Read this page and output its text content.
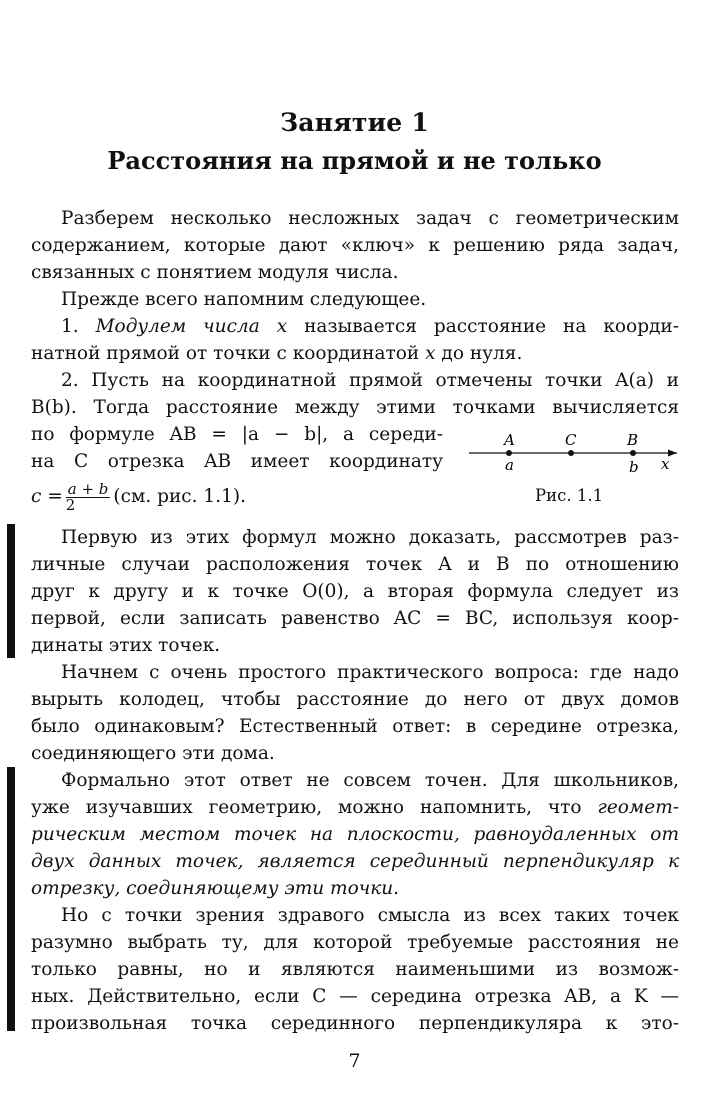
Занятие 1
Расстояния на прямой и не только
Разберем несколько несложных задач с геометрическим
содержанием, которые дают «ключ» к решению ряда задач,
связанных с понятием модуля числа.
Прежде всего напомним следующее.
1. Модулем числа x называется расстояние на коорди-
натной прямой от точки с координатой x до нуля.
2. Пусть на координатной прямой отмечены точки A(a) и
B(b). Тогда расстояние между этими точками вычисляется
по формуле AB = |a − b|, а середи-
на C отрезка AB имеет координату
$c = \frac{a + b}{2} (см$. рис. 1.1).
A	C	B
a	b x
Рис. 1.1
Первую из этих формул можно доказать, рассмотрев раз-
личные случаи расположения точек A и B по отношению
друг к другу и к точке O(0), а вторая формула следует из
первой, если записать равенство AC = BC, используя коор-
динаты этих точек.
Начнем с очень простого практического вопроса: где надо
вырыть колодец, чтобы расстояние до него от двух домов
было одинаковым? Естественный ответ: в середине отрезка,
соединяющего эти дома.
Формально этот ответ не совсем точен. Для школьников,
уже изучавших геометрию, можно напомнить, что геомет-
рическим местом точек на плоскости, равноудаленных от
двух данных точек, является серединный перпендикуляр к
отрезку, соединяющему эти точки.
Но с точки зрения здравого смысла из всех таких точек
разумно выбрать ту, для которой требуемые расстояния не
только равны, но и являются наименьшими из возмож-
ных. Действительно, если C — середина отрезка AB, а K —
произвольная точка серединного перпендикуляра к это-
7
